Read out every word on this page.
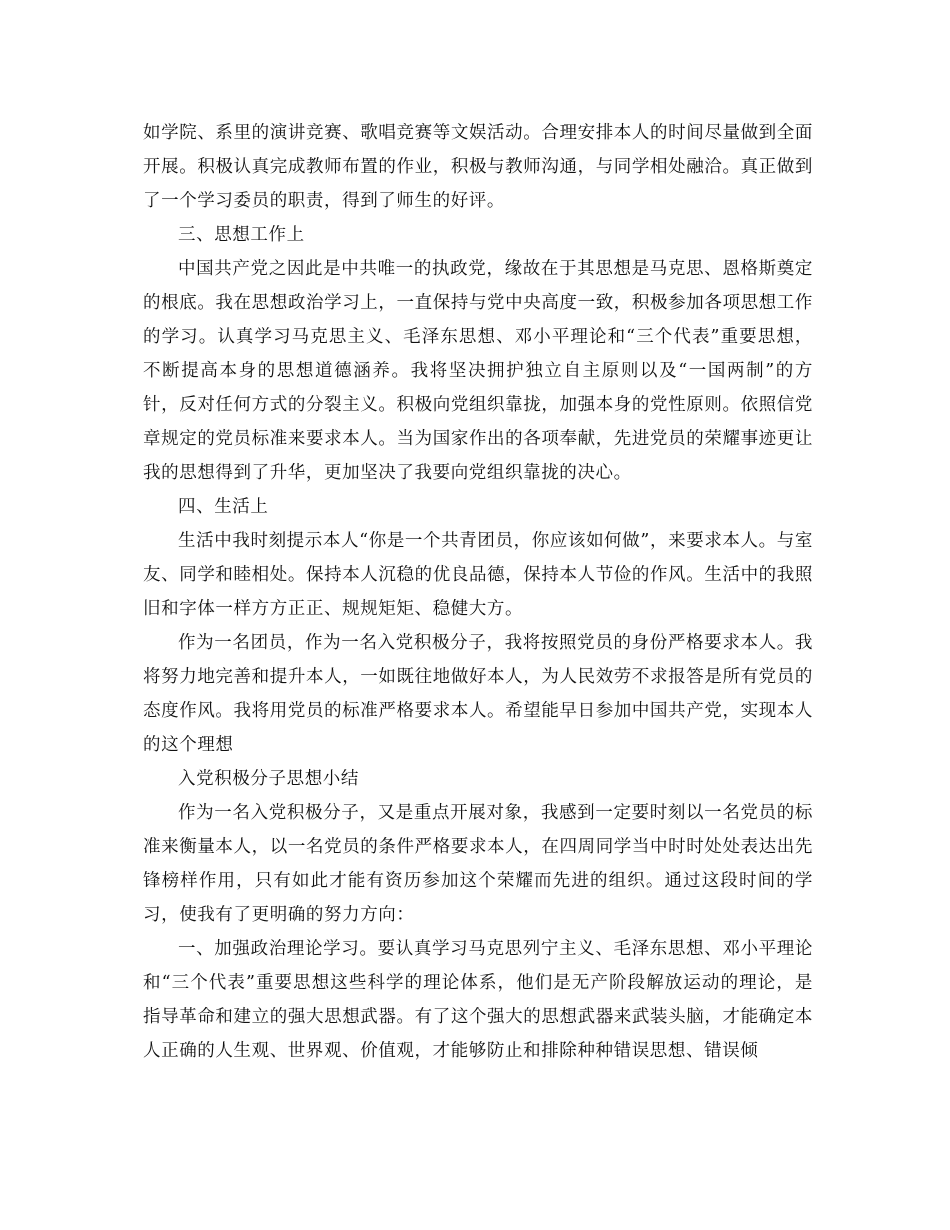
如学院、系里的演讲竞赛、歌唱竞赛等文娱活动。合理安排本人的时间尽量做到全面开展。积极认真完成教师布置的作业，积极与教师沟通，与同学相处融洽。真正做到了一个学习委员的职责，得到了师生的好评。

三、思想工作上

中国共产党之因此是中共唯一的执政党，缘故在于其思想是马克思、恩格斯奠定的根底。我在思想政治学习上，一直保持与党中央高度一致，积极参加各项思想工作的学习。认真学习马克思主义、毛泽东思想、邓小平理论和“三个代表”重要思想，不断提高本身的思想道德涵养。我将坚决拥护独立自主原则以及“一国两制”的方针，反对任何方式的分裂主义。积极向党组织靠拢，加强本身的党性原则。依照信党章规定的党员标准来要求本人。当为国家作出的各项奉献，先进党员的荣耀事迹更让我的思想得到了升华，更加坚决了我要向党组织靠拢的决心。

四、生活上

生活中我时刻提示本人“你是一个共青团员，你应该如何做”，来要求本人。与室友、同学和睦相处。保持本人沉稳的优良品德，保持本人节俭的作风。生活中的我照旧和字体一样方方正正、规规矩矩、稳健大方。

作为一名团员，作为一名入党积极分子，我将按照党员的身份严格要求本人。我将努力地完善和提升本人，一如既往地做好本人，为人民效劳不求报答是所有党员的态度作风。我将用党员的标准严格要求本人。希望能早日参加中国共产党，实现本人的这个理想

入党积极分子思想小结

作为一名入党积极分子，又是重点开展对象，我感到一定要时刻以一名党员的标准来衡量本人，以一名党员的条件严格要求本人，在四周同学当中时时处处表达出先锋榜样作用，只有如此才能有资历参加这个荣耀而先进的组织。通过这段时间的学习，使我有了更明确的努力方向：

一、加强政治理论学习。要认真学习马克思列宁主义、毛泽东思想、邓小平理论和“三个代表”重要思想这些科学的理论体系，他们是无产阶段解放运动的理论，是指导革命和建立的强大思想武器。有了这个强大的思想武器来武装头脑，才能确定本人正确的人生观、世界观、价值观，才能够防止和排除种种错误思想、错误倾
